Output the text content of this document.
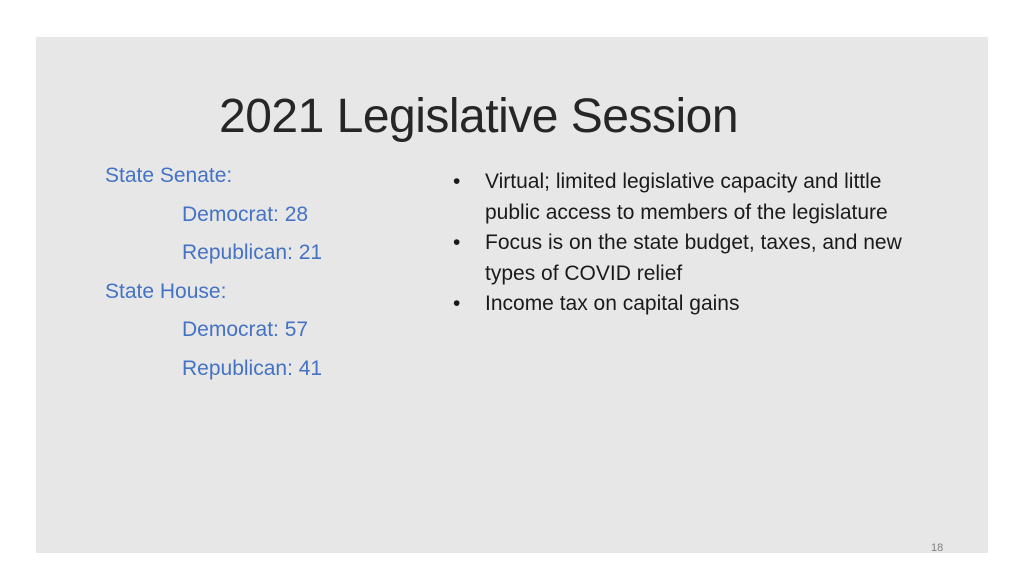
2021 Legislative Session
State Senate:
Democrat: 28
Republican: 21
State House:
Democrat: 57
Republican: 41
• Virtual; limited legislative capacity and little public access to members of the legislature
• Focus is on the state budget, taxes, and new types of COVID relief
• Income tax on capital gains
18
